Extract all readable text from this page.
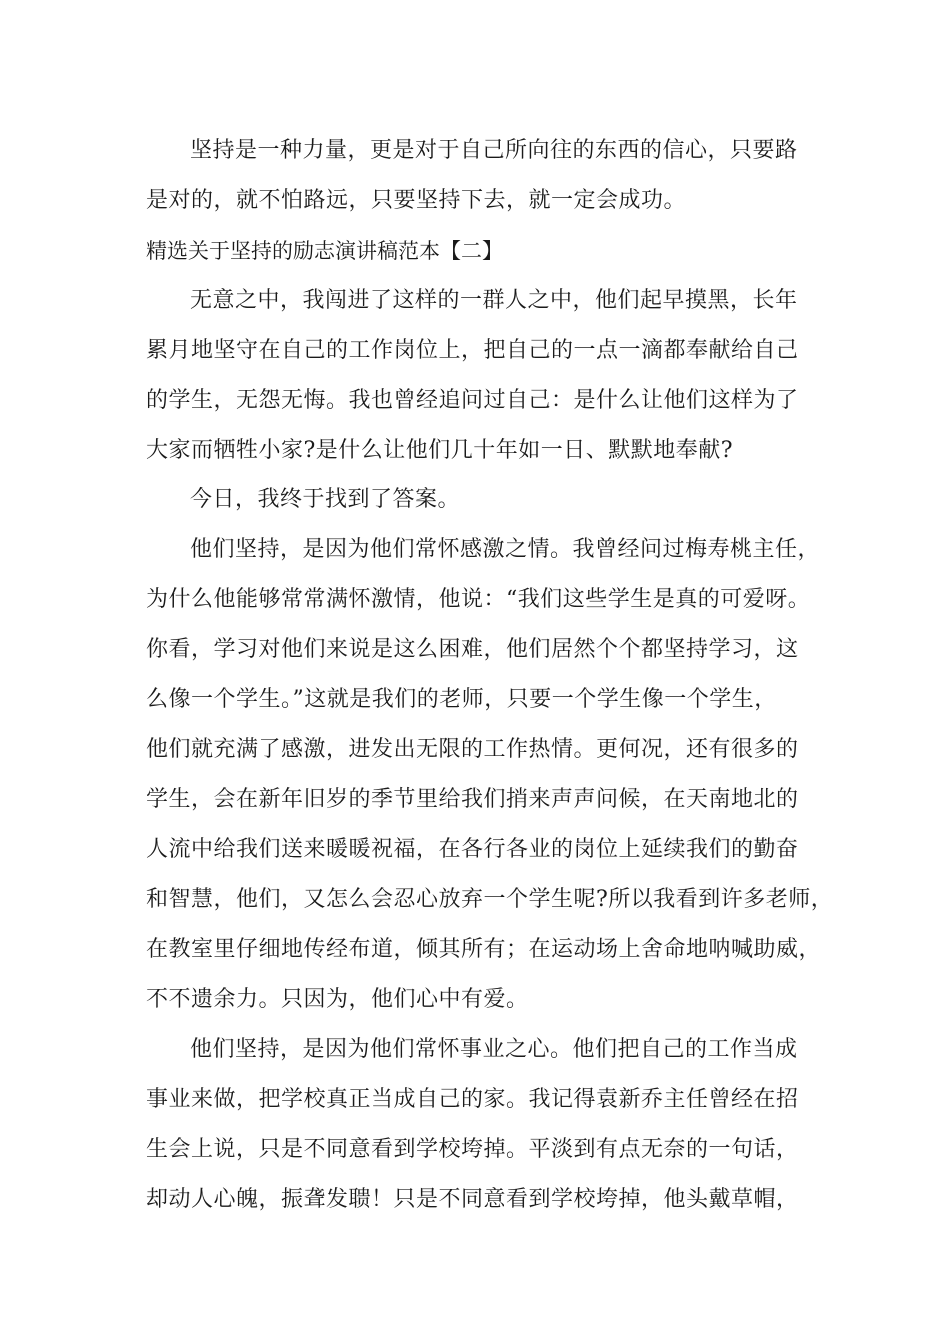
坚持是一种力量，更是对于自己所向往的东西的信心，只要路
是对的，就不怕路远，只要坚持下去，就一定会成功。
精选关于坚持的励志演讲稿范本【二】
无意之中，我闯进了这样的一群人之中，他们起早摸黑，长年
累月地坚守在自己的工作岗位上，把自己的一点一滴都奉献给自己
的学生，无怨无悔。我也曾经追问过自己：是什么让他们这样为了
大家而牺牲小家?是什么让他们几十年如一日、默默地奉献?
今日，我终于找到了答案。
他们坚持，是因为他们常怀感激之情。我曾经问过梅寿桃主任，
为什么他能够常常满怀激情，他说：“我们这些学生是真的可爱呀。
你看，学习对他们来说是这么困难，他们居然个个都坚持学习，这
么像一个学生。”这就是我们的老师，只要一个学生像一个学生，
他们就充满了感激，进发出无限的工作热情。更何况，还有很多的
学生，会在新年旧岁的季节里给我们捎来声声问候，在天南地北的
人流中给我们送来暖暖祝福，在各行各业的岗位上延续我们的勤奋
和智慧，他们，又怎么会忍心放弃一个学生呢?所以我看到许多老师，
在教室里仔细地传经布道，倾其所有；在运动场上舍命地呐喊助威，
不不遗余力。只因为，他们心中有爱。
他们坚持，是因为他们常怀事业之心。他们把自己的工作当成
事业来做，把学校真正当成自己的家。我记得袁新乔主任曾经在招
生会上说，只是不同意看到学校垮掉。平淡到有点无奈的一句话，
却动人心魄，振聋发聩！只是不同意看到学校垮掉，他头戴草帽，
